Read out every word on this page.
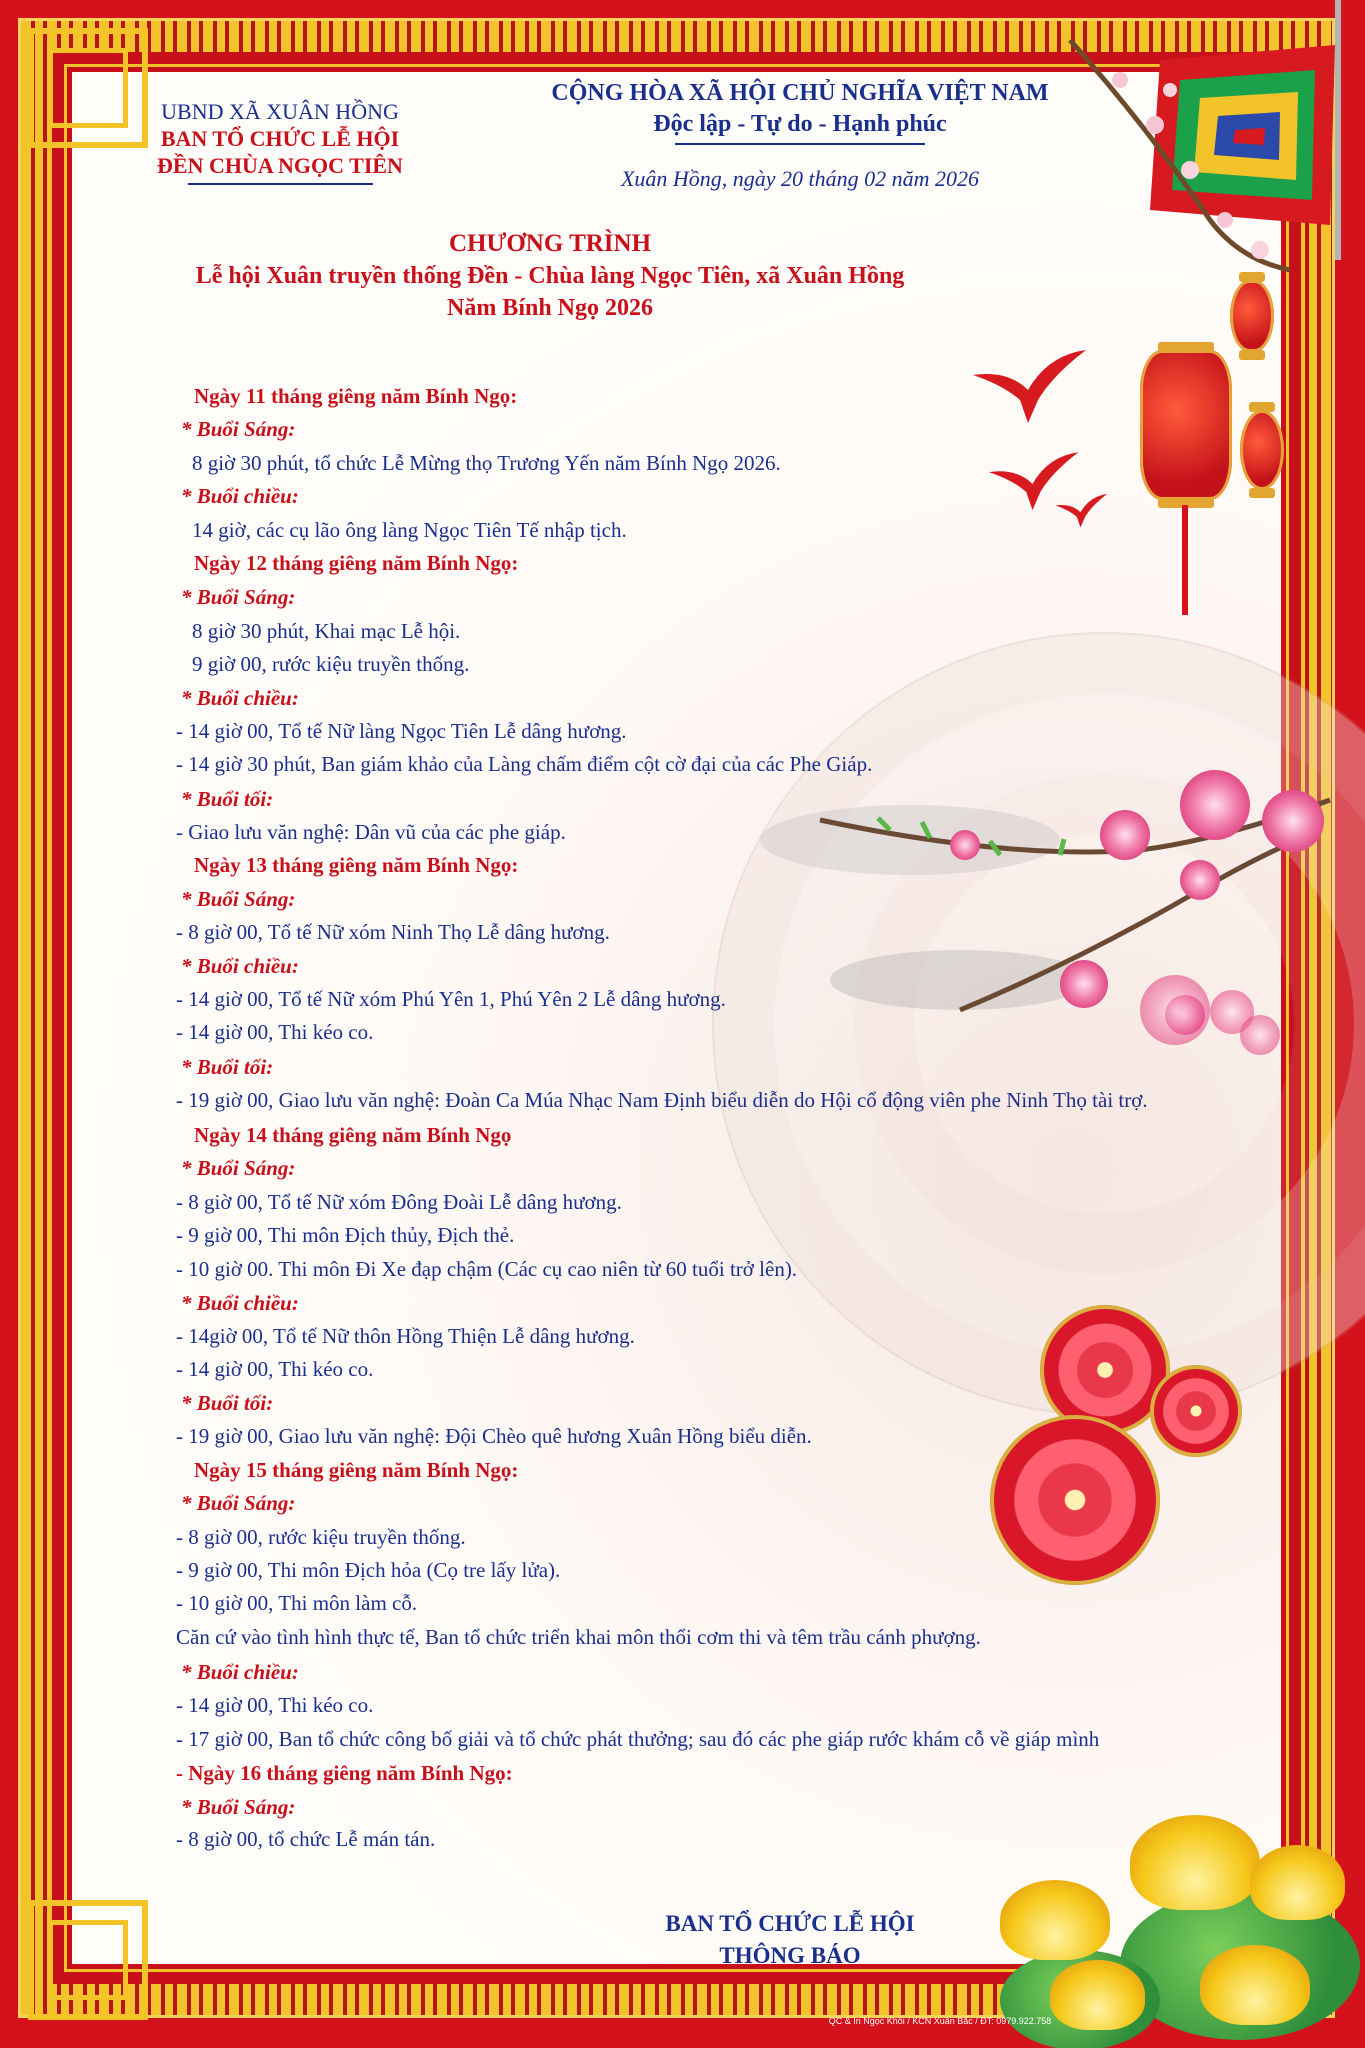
UBND XÃ XUÂN HỒNG
BAN TỔ CHỨC LỄ HỘI
ĐỀN CHÙA NGỌC TIÊN
CỘNG HÒA XÃ HỘI CHỦ NGHĨA VIỆT NAM
Độc lập - Tự do - Hạnh phúc
Xuân Hồng, ngày 20 tháng 02 năm 2026
CHƯƠNG TRÌNH
Lễ hội Xuân truyền thống Đền - Chùa làng Ngọc Tiên, xã Xuân Hồng
Năm Bính Ngọ 2026
Ngày 11 tháng giêng năm Bính Ngọ:
* Buổi Sáng:
8 giờ 30 phút, tổ chức Lễ Mừng thọ Trương Yến năm Bính Ngọ 2026.
* Buổi chiều:
14 giờ, các cụ lão ông làng Ngọc Tiên Tế nhập tịch.
Ngày 12 tháng giêng năm Bính Ngọ:
* Buổi Sáng:
8 giờ 30 phút, Khai mạc Lễ hội.
9 giờ 00, rước kiệu truyền thống.
* Buổi chiều:
- 14 giờ 00, Tổ tế Nữ làng Ngọc Tiên Lễ dâng hương.
- 14 giờ 30 phút, Ban giám khảo của Làng chấm điểm cột cờ đại của các Phe Giáp.
* Buổi tối:
- Giao lưu văn nghệ: Dân vũ của các phe giáp.
Ngày 13 tháng giêng năm Bính Ngọ:
* Buổi Sáng:
- 8 giờ 00, Tổ tế Nữ xóm Ninh Thọ Lễ dâng hương.
* Buổi chiều:
- 14 giờ 00, Tổ tế Nữ xóm Phú Yên 1, Phú Yên 2 Lễ dâng hương.
- 14 giờ 00, Thi kéo co.
* Buổi tối:
- 19 giờ 00, Giao lưu văn nghệ: Đoàn Ca Múa Nhạc Nam Định biểu diễn do Hội cổ động viên phe Ninh Thọ tài trợ.
Ngày 14 tháng giêng năm Bính Ngọ
* Buổi Sáng:
- 8 giờ 00, Tổ tế Nữ xóm Đông Đoài Lễ dâng hương.
- 9 giờ 00, Thi môn Địch thủy, Địch thẻ.
- 10 giờ 00. Thi môn Đi Xe đạp chậm (Các cụ cao niên từ 60 tuổi trở lên).
* Buổi chiều:
- 14giờ 00, Tổ tế Nữ thôn Hồng Thiện Lễ dâng hương.
- 14 giờ 00, Thi kéo co.
* Buổi tối:
- 19 giờ 00, Giao lưu văn nghệ: Đội Chèo quê hương Xuân Hồng biểu diễn.
Ngày 15 tháng giêng năm Bính Ngọ:
* Buổi Sáng:
- 8 giờ 00, rước kiệu truyền thống.
- 9 giờ 00, Thi môn Địch hỏa (Cọ tre lấy lửa).
- 10 giờ 00, Thi môn làm cỗ.
Căn cứ vào tình hình thực tế, Ban tổ chức triển khai môn thổi cơm thi và têm trầu cánh phượng.
* Buổi chiều:
- 14 giờ 00, Thi kéo co.
- 17 giờ 00, Ban tổ chức công bố giải và tổ chức phát thưởng; sau đó các phe giáp rước khám cỗ về giáp mình
- Ngày 16 tháng giêng năm Bính Ngọ:
* Buổi Sáng:
- 8 giờ 00, tổ chức Lễ mán tán.
BAN TỔ CHỨC LỄ HỘI
THÔNG BÁO
QC & In Ngọc Khôi / KCN Xuân Bắc / ĐT: 0979.922.758
